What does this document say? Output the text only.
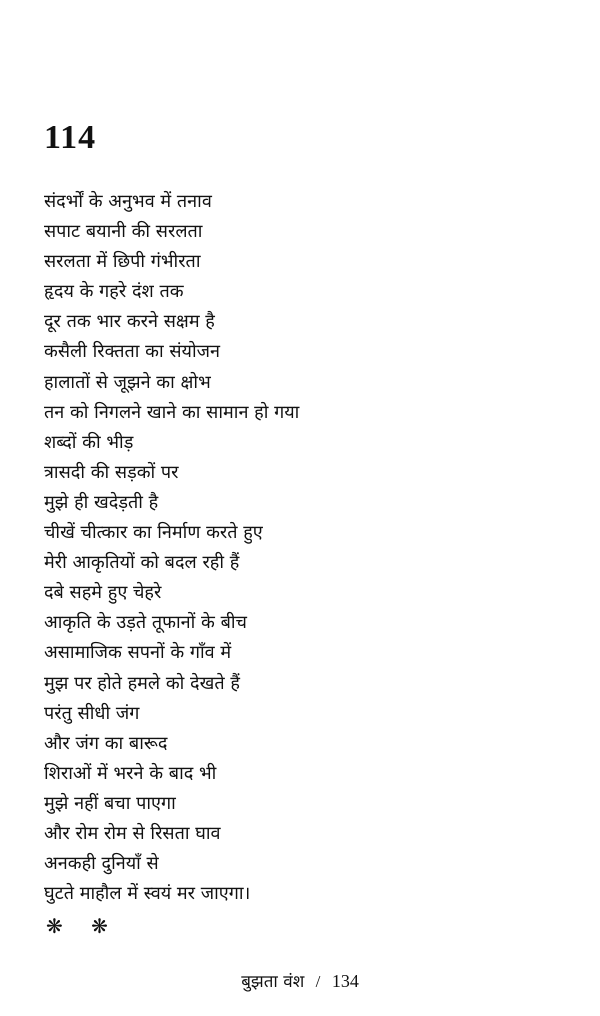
114
संदर्भों के अनुभव में तनाव
सपाट बयानी की सरलता
सरलता में छिपी गंभीरता
हृदय के गहरे दंश तक
दूर तक भार करने सक्षम है
कसैली रिक्तता का संयोजन
हालातों से जूझने का क्षोभ
तन को निगलने खाने का सामान हो गया
शब्दों की भीड़
त्रासदी की सड़कों पर
मुझे ही खदेड़ती है
चीखें चीत्कार का निर्माण करते हुए
मेरी आकृतियों को बदल रही हैं
दबे सहमे हुए चेहरे
आकृति के उड़ते तूफानों के बीच
असामाजिक सपनों के गाँव में
मुझ पर होते हमले को देखते हैं
परंतु सीधी जंग
और जंग का बारूद
शिराओं में भरने के बाद भी
मुझे नहीं बचा पाएगा
और रोम रोम से रिसता घाव
अनकही दुनियाँ से
घुटते माहौल में स्वयं मर जाएगा।
❋ ❋
बुझता वंश / 134
